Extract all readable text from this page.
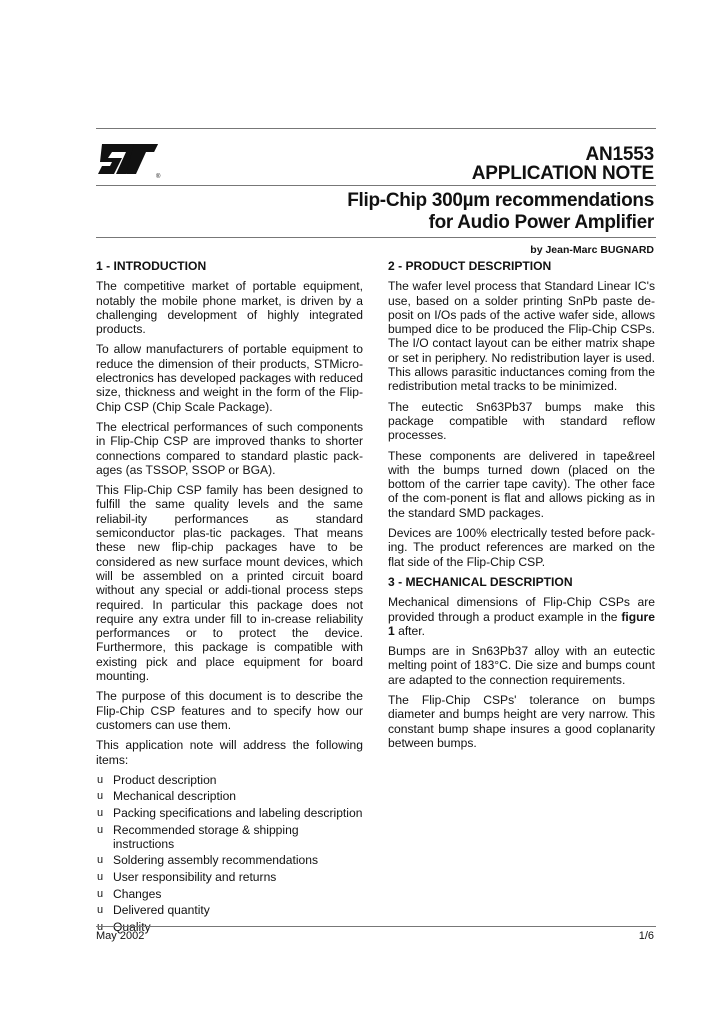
®
AN1553
APPLICATION NOTE
Flip-Chip 300µm recommendations
for Audio Power Amplifier
by Jean-Marc BUGNARD
1 - INTRODUCTION

The competitive market of portable equipment, notably the mobile phone market, is driven by a challenging development of highly integrated products.

To allow manufacturers of portable equipment to reduce the dimension of their products, STMicro-electronics has developed packages with reduced size, thickness and weight in the form of the Flip-Chip CSP (Chip Scale Package).

The electrical performances of such components in Flip-Chip CSP are improved thanks to shorter connections compared to standard plastic pack-ages (as TSSOP, SSOP or BGA).

This Flip-Chip CSP family has been designed to fulfill the same quality levels and the same reliabil-ity performances as standard semiconductor plas-tic packages. That means these new flip-chip packages have to be considered as new surface mount devices, which will be assembled on a printed circuit board without any special or addi-tional process steps required. In particular this package does not require any extra under fill to in-crease reliability performances or to protect the device. Furthermore, this package is compatible with existing pick and place equipment for board mounting.

The purpose of this document is to describe the Flip-Chip CSP features and to specify how our customers can use them.

This application note will address the following items:

u Product description
u Mechanical description
u Packing specifications and labeling description
u Recommended storage & shipping instructions
u Soldering assembly recommendations
u User responsibility and returns
u Changes
u Delivered quantity
u Quality
2 - PRODUCT DESCRIPTION

The wafer level process that Standard Linear IC's use, based on a solder printing SnPb paste de-posit on I/Os pads of the active wafer side, allows bumped dice to be produced the Flip-Chip CSPs. The I/O contact layout can be either matrix shape or set in periphery. No redistribution layer is used. This allows parasitic inductances coming from the redistribution metal tracks to be minimized.

The eutectic Sn63Pb37 bumps make this package compatible with standard reflow processes.

These components are delivered in tape&reel with the bumps turned down (placed on the bottom of the carrier tape cavity). The other face of the com-ponent is flat and allows picking as in the standard SMD packages.

Devices are 100% electrically tested before pack-ing. The product references are marked on the flat side of the Flip-Chip CSP.

3 - MECHANICAL DESCRIPTION

Mechanical dimensions of Flip-Chip CSPs are provided through a product example in the figure 1 after.

Bumps are in Sn63Pb37 alloy with an eutectic melting point of 183°C. Die size and bumps count are adapted to the connection requirements.

The Flip-Chip CSPs' tolerance on bumps diameter and bumps height are very narrow. This constant bump shape insures a good coplanarity between bumps.

May 2002	1/6
